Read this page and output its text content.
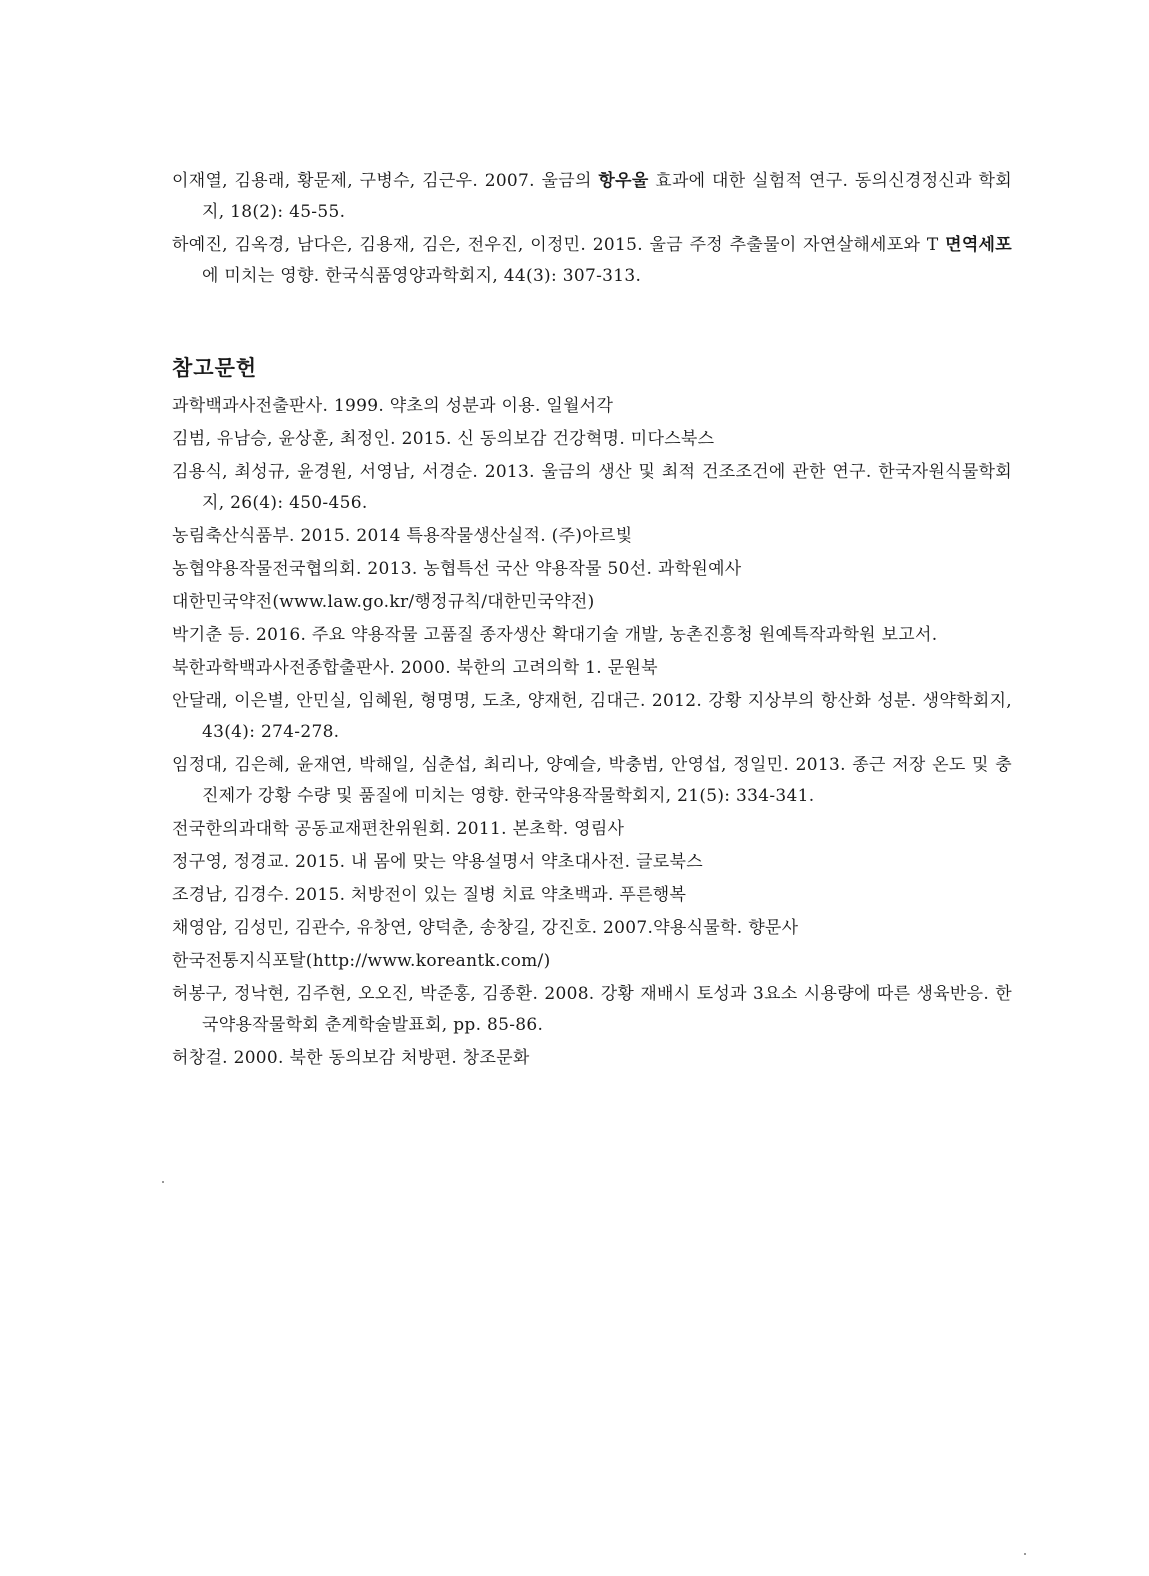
이재열, 김용래, 황문제, 구병수, 김근우. 2007. 울금의 항우울 효과에 대한 실험적 연구. 동의신경정신과 학회지, 18(2): 45-55.

하예진, 김옥경, 남다은, 김용재, 김은, 전우진, 이정민. 2015. 울금 주정 추출물이 자연살해세포와 T 면역세포에 미치는 영향. 한국식품영양과학회지, 44(3): 307-313.

참고문헌

과학백과사전출판사. 1999. 약초의 성분과 이용. 일월서각

김범, 유남승, 윤상훈, 최정인. 2015. 신 동의보감 건강혁명. 미다스북스

김용식, 최성규, 윤경원, 서영남, 서경순. 2013. 울금의 생산 및 최적 건조조건에 관한 연구. 한국자원식물학회지, 26(4): 450-456.

농림축산식품부. 2015. 2014 특용작물생산실적. (주)아르빛

농협약용작물전국협의회. 2013. 농협특선 국산 약용작물 50선. 과학원예사

대한민국약전(www.law.go.kr/행정규칙/대한민국약전)

박기춘 등. 2016. 주요 약용작물 고품질 종자생산 확대기술 개발, 농촌진흥청 원예특작과학원 보고서.

북한과학백과사전종합출판사. 2000. 북한의 고려의학 1. 문원북

안달래, 이은별, 안민실, 임혜원, 형명명, 도초, 양재헌, 김대근. 2012. 강황 지상부의 항산화 성분. 생약학회지, 43(4): 274-278.

임정대, 김은혜, 윤재연, 박해일, 심춘섭, 최리나, 양예슬, 박충범, 안영섭, 정일민. 2013. 종근 저장 온도 및 충진제가 강황 수량 및 품질에 미치는 영향. 한국약용작물학회지, 21(5): 334-341.

전국한의과대학 공동교재편찬위원회. 2011. 본초학. 영림사

정구영, 정경교. 2015. 내 몸에 맞는 약용설명서 약초대사전. 글로북스

조경남, 김경수. 2015. 처방전이 있는 질병 치료 약초백과. 푸른행복

채영암, 김성민, 김관수, 유창연, 양덕춘, 송창길, 강진호. 2007.약용식물학. 향문사

한국전통지식포탈(http://www.koreantk.com/)

허봉구, 정낙현, 김주현, 오오진, 박준홍, 김종환. 2008. 강황 재배시 토성과 3요소 시용량에 따른 생육반응. 한국약용작물학회 춘계학술발표회, pp. 85-86.

허창걸. 2000. 북한 동의보감 처방편. 창조문화
